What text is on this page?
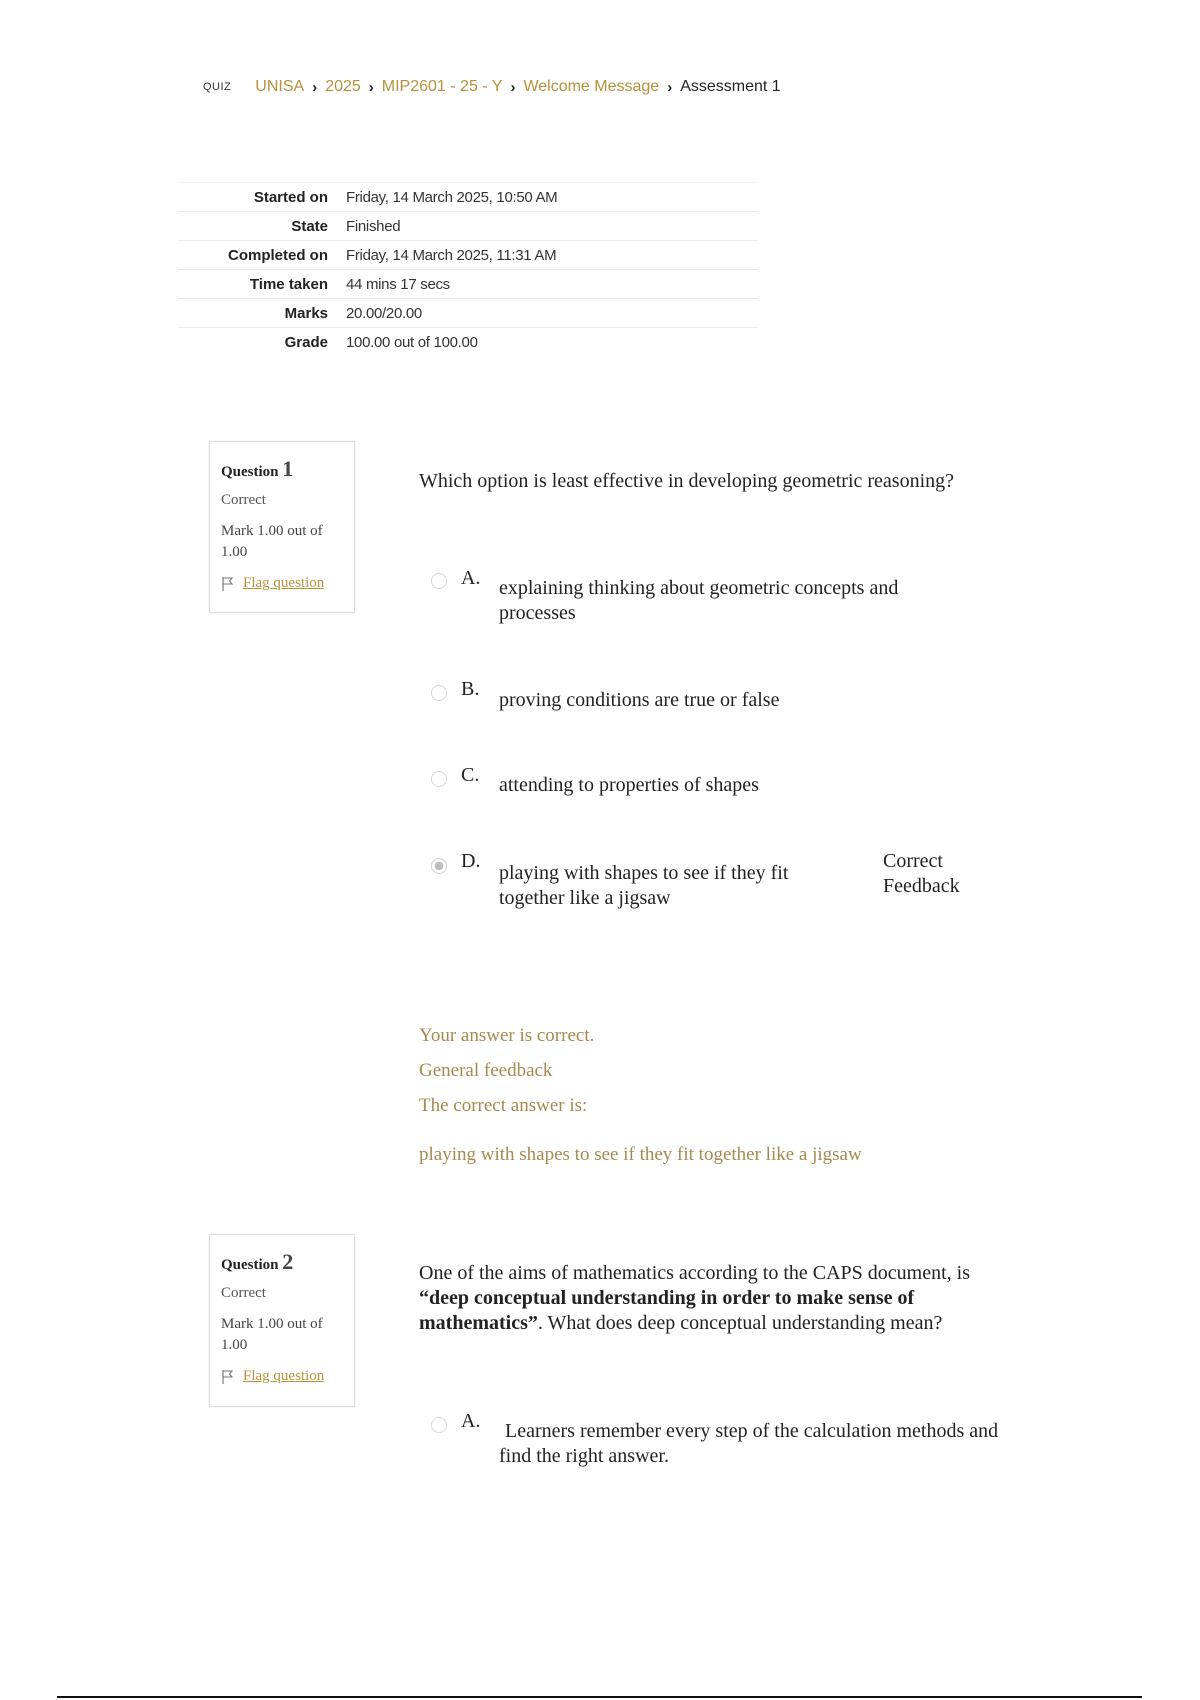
QUIZ UNISA › 2025 › MIP2601 - 25 - Y › Welcome Message › Assessment 1
Started on	Friday, 14 March 2025, 10:50 AM
State	Finished
Completed on	Friday, 14 March 2025, 11:31 AM
Time taken	44 mins 17 secs
Marks	20.00/20.00
Grade	100.00 out of 100.00
Question 1
Correct
Mark 1.00 out of 1.00
Flag question
Which option is least effective in developing geometric reasoning?
A. explaining thinking about geometric concepts and processes
B. proving conditions are true or false
C. attending to properties of shapes
D.
playing with shapes to see if they fit together like a jigsaw
Correct Feedback
Your answer is correct.
General feedback
The correct answer is:
playing with shapes to see if they fit together like a jigsaw
Question 2
Correct
Mark 1.00 out of 1.00
Flag question
One of the aims of mathematics according to the CAPS document, is “deep conceptual understanding in order to make sense of mathematics”. What does deep conceptual understanding mean?
A.	Learners remember every step of the calculation methods and find the right answer.
